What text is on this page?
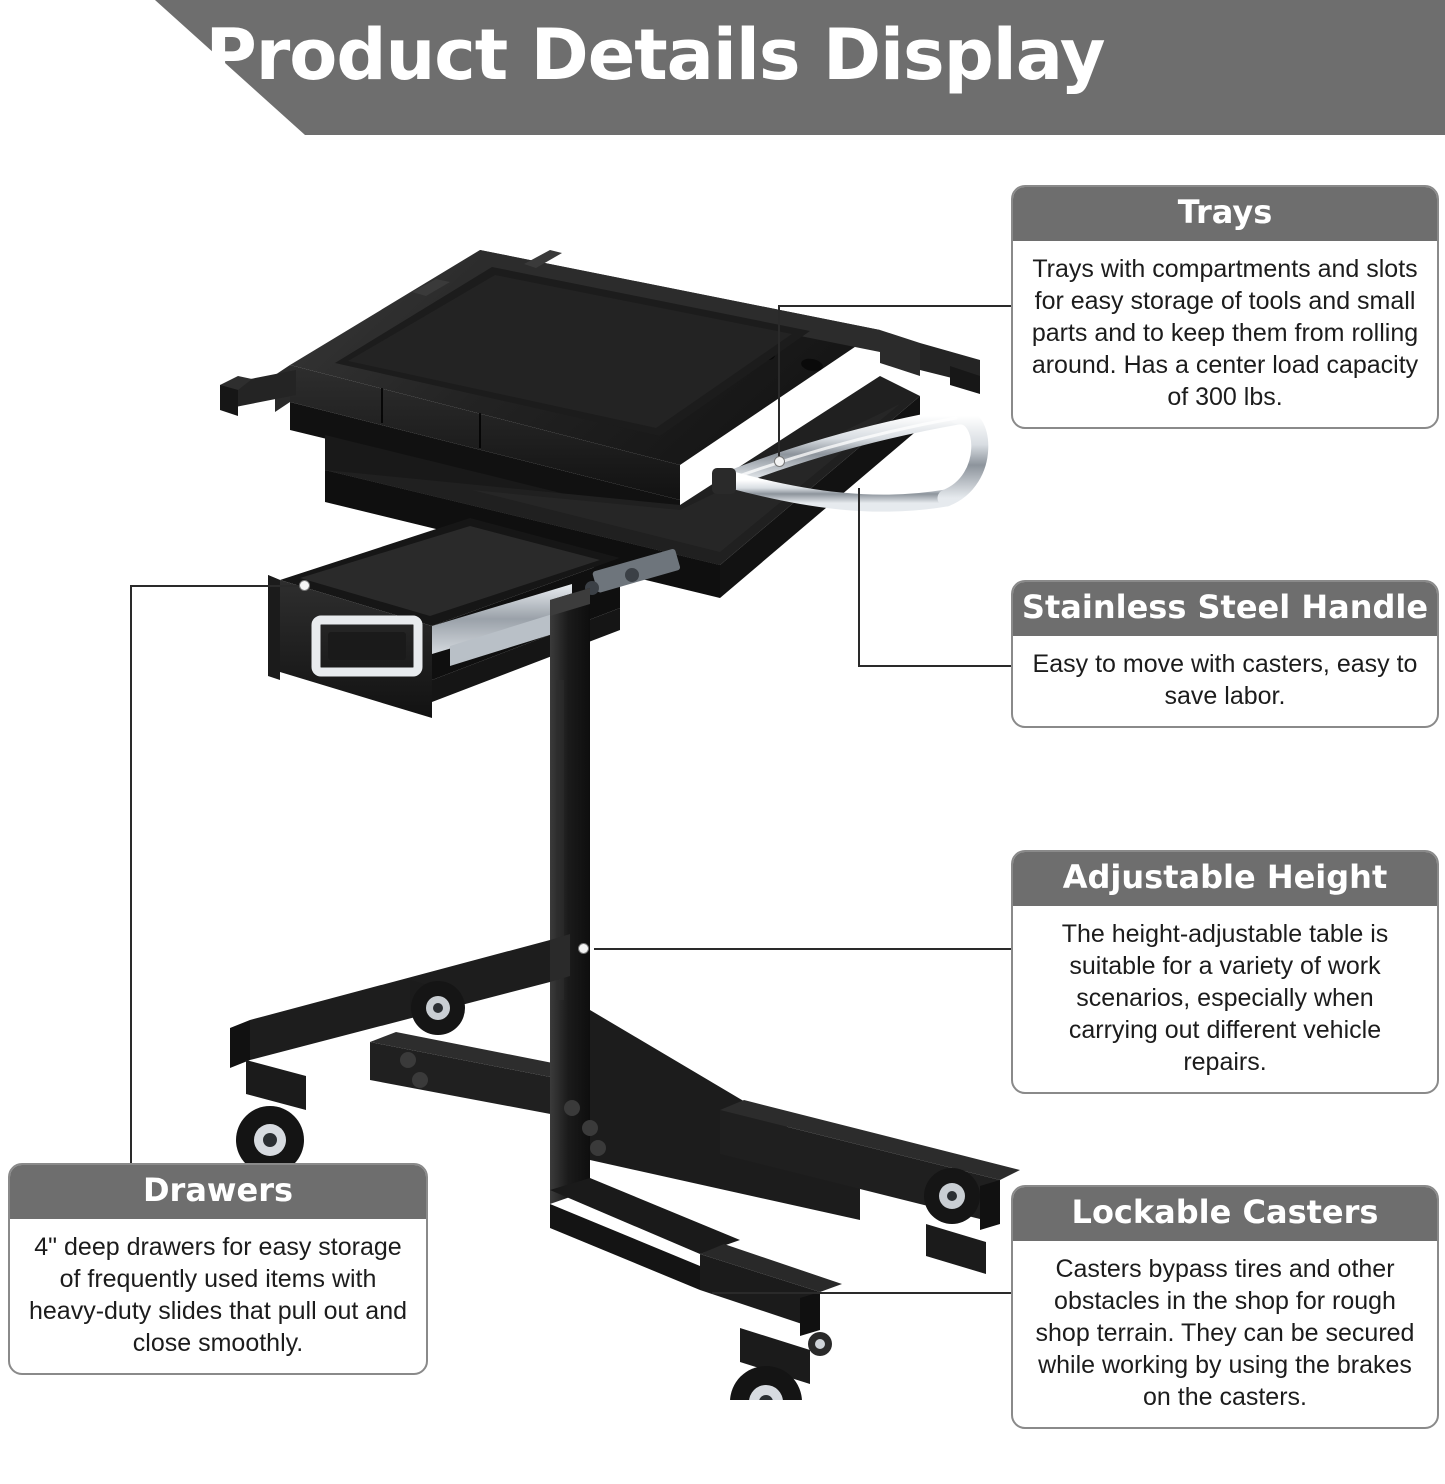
Product Details Display
Trays
Trays with compartments and slots for easy storage of tools and small parts and to keep them from rolling around. Has a center load capacity of 300 lbs.
Stainless Steel Handle
Easy to move with casters, easy to save labor.
Adjustable Height
The height-adjustable table is suitable for a variety of work scenarios, especially when carrying out different vehicle repairs.
Lockable Casters
Casters bypass tires and other obstacles in the shop for rough shop terrain. They can be secured while working by using the brakes on the casters.
Drawers
4" deep drawers for easy storage of frequently used items with heavy-duty slides that pull out and close smoothly.
